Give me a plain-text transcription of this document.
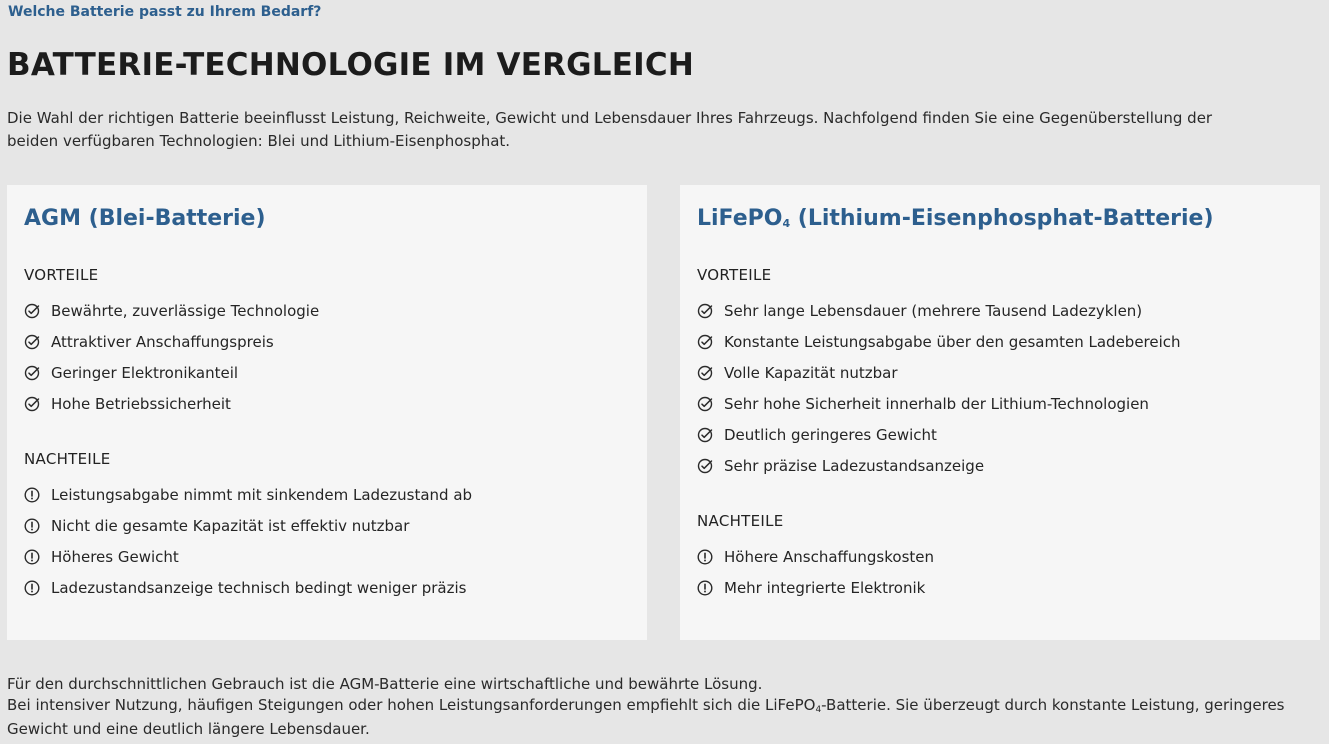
Welche Batterie passt zu Ihrem Bedarf?
BATTERIE-TECHNOLOGIE IM VERGLEICH
Die Wahl der richtigen Batterie beeinflusst Leistung, Reichweite, Gewicht und Lebensdauer Ihres Fahrzeugs. Nachfolgend finden Sie eine Gegenüberstellung der beiden verfügbaren Technologien: Blei und Lithium-Eisenphosphat.
AGM (Blei-Batterie)
VORTEILE
Bewährte, zuverlässige Technologie
Attraktiver Anschaffungspreis
Geringer Elektronikanteil
Hohe Betriebssicherheit
NACHTEILE
Leistungsabgabe nimmt mit sinkendem Ladezustand ab
Nicht die gesamte Kapazität ist effektiv nutzbar
Höheres Gewicht
Ladezustandsanzeige technisch bedingt weniger präzis
LiFePO$_4$ (Lithium-Eisenphosphat-Batterie)
VORTEILE
Sehr lange Lebensdauer (mehrere Tausend Ladezyklen)
Konstante Leistungsabgabe über den gesamten Ladebereich
Volle Kapazität nutzbar
Sehr hohe Sicherheit innerhalb der Lithium-Technologien
Deutlich geringeres Gewicht
Sehr präzise Ladezustandsanzeige
NACHTEILE
Höhere Anschaffungskosten
Mehr integrierte Elektronik

Für den durchschnittlichen Gebrauch ist die AGM-Batterie eine wirtschaftliche und bewährte Lösung.

Bei intensiver Nutzung, häufigen Steigungen oder hohen Leistungsanforderungen empfiehlt sich die LiFePO$_4$-Batterie. Sie überzeugt durch konstante Leistung, geringeres Gewicht und eine deutlich längere Lebensdauer.
